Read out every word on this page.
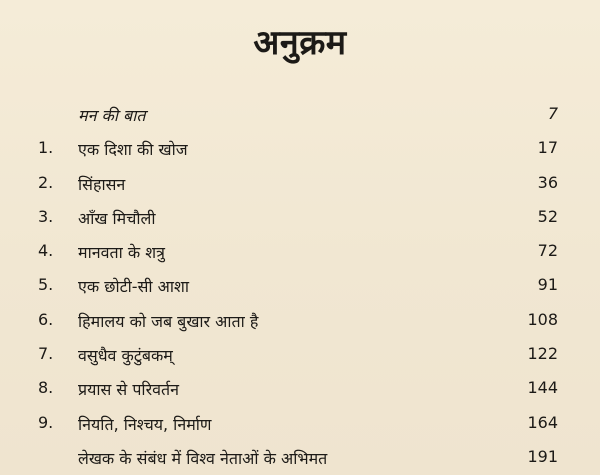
अनुक्रम
मन की बात	7
1.	एक दिशा की खोज	17
2.	सिंहासन	36
3.	आँख मिचौली	52
4.	मानवता के शत्रु	72
5.	एक छोटी-सी आशा	91
6.	हिमालय को जब बुखार आता है	108
7.	वसुधैव कुटुंबकम्	122
8.	प्रयास से परिवर्तन	144
9.	नियति, निश्चय, निर्माण	164
लेखक के संबंध में विश्व नेताओं के अभिमत	191
